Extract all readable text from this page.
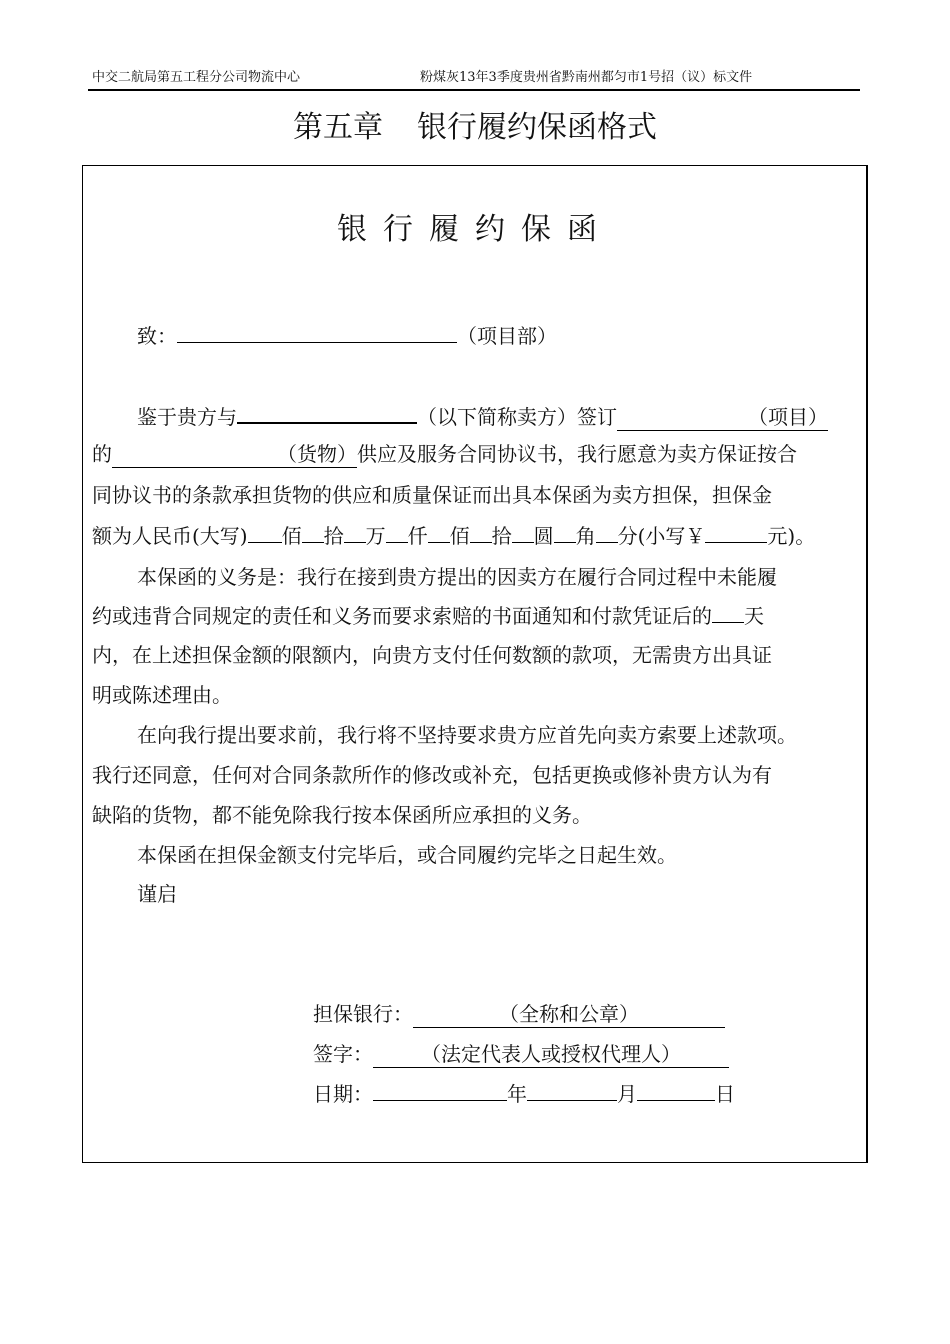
中交二航局第五工程分公司物流中心	粉煤灰13年3季度贵州省黔南州都匀市1号招（议）标文件
第五章 银行履约保函格式
银行履约保函
致：	（项目部）
鉴于贵方与	（以下简称卖方）签订	（项目）
的	（货物）供应及服务合同协议书，我行愿意为卖方保证按合
同协议书的条款承担货物的供应和质量保证而出具本保函为卖方担保，担保金
额为人民币(大写) 佰 拾 万 仟 佰 拾 圆 角 分(小写￥	元)。
本保函的义务是：我行在接到贵方提出的因卖方在履行合同过程中未能履
约或违背合同规定的责任和义务而要求索赔的书面通知和付款凭证后的 天
内，在上述担保金额的限额内，向贵方支付任何数额的款项，无需贵方出具证
明或陈述理由。
在向我行提出要求前，我行将不坚持要求贵方应首先向卖方索要上述款项。
我行还同意，任何对合同条款所作的修改或补充，包括更换或修补贵方认为有
缺陷的货物，都不能免除我行按本保函所应承担的义务。
本保函在担保金额支付完毕后，或合同履约完毕之日起生效。
谨启
担保银行：	（全称和公章）
签字： （法定代表人或授权代理人）
日期：	年	月	日
